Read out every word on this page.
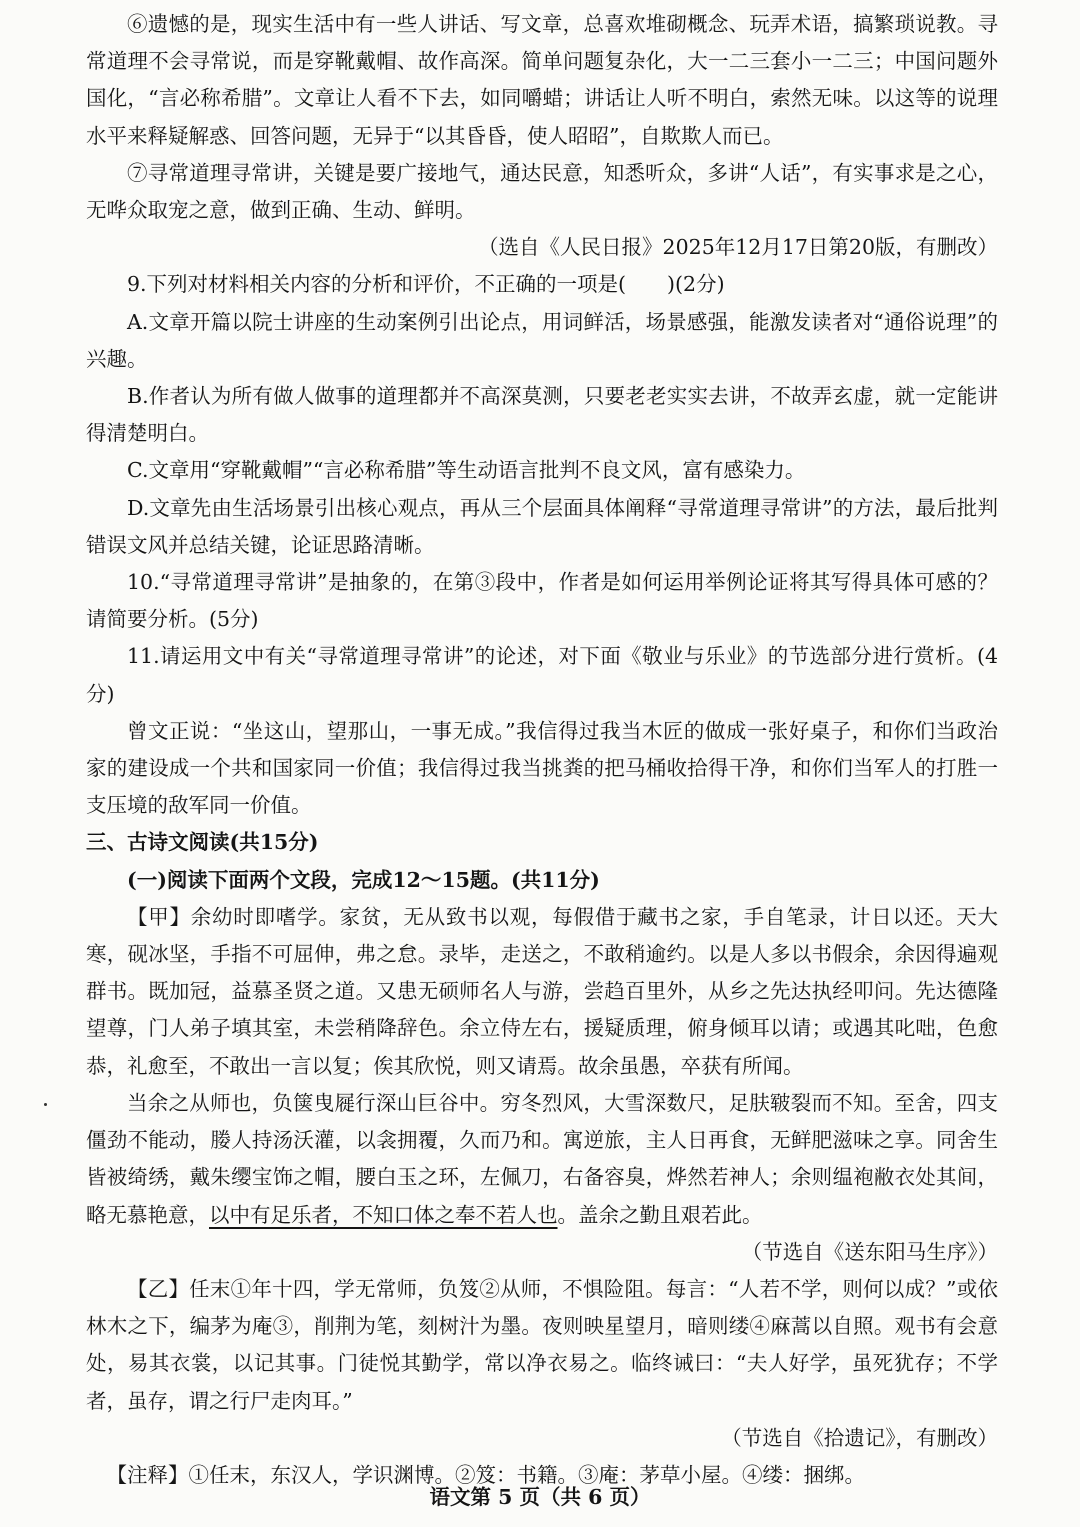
⑥遗憾的是，现实生活中有一些人讲话、写文章，总喜欢堆砌概念、玩弄术语，搞繁琐说教。寻常道理不会寻常说，而是穿靴戴帽、故作高深。简单问题复杂化，大一二三套小一二三；中国问题外国化，“言必称希腊”。文章让人看不下去，如同嚼蜡；讲话让人听不明白，索然无味。以这等的说理水平来释疑解惑、回答问题，无异于“以其昏昏，使人昭昭”，自欺欺人而已。

⑦寻常道理寻常讲，关键是要广接地气，通达民意，知悉听众，多讲“人话”，有实事求是之心，无哗众取宠之意，做到正确、生动、鲜明。

（选自《人民日报》2025年12月17日第20版，有删改）

9.下列对材料相关内容的分析和评价，不正确的一项是(　　)(2分)

A.文章开篇以院士讲座的生动案例引出论点，用词鲜活，场景感强，能激发读者对“通俗说理”的兴趣。

B.作者认为所有做人做事的道理都并不高深莫测，只要老老实实去讲，不故弄玄虚，就一定能讲得清楚明白。

C.文章用“穿靴戴帽”“言必称希腊”等生动语言批判不良文风，富有感染力。

D.文章先由生活场景引出核心观点，再从三个层面具体阐释“寻常道理寻常讲”的方法，最后批判错误文风并总结关键，论证思路清晰。

10.“寻常道理寻常讲”是抽象的，在第③段中，作者是如何运用举例论证将其写得具体可感的？请简要分析。(5分)

11.请运用文中有关“寻常道理寻常讲”的论述，对下面《敬业与乐业》的节选部分进行赏析。(4分)

曾文正说：“坐这山，望那山，一事无成。”我信得过我当木匠的做成一张好桌子，和你们当政治家的建设成一个共和国家同一价值；我信得过我当挑粪的把马桶收拾得干净，和你们当军人的打胜一支压境的敌军同一价值。

三、古诗文阅读(共15分)

(一)阅读下面两个文段，完成12～15题。(共11分)

【甲】余幼时即嗜学。家贫，无从致书以观，每假借于藏书之家，手自笔录，计日以还。天大寒，砚冰坚，手指不可屈伸，弗之怠。录毕，走送之，不敢稍逾约。以是人多以书假余，余因得遍观群书。既加冠，益慕圣贤之道。又患无硕师名人与游，尝趋百里外，从乡之先达执经叩问。先达德隆望尊，门人弟子填其室，未尝稍降辞色。余立侍左右，援疑质理，俯身倾耳以请；或遇其叱咄，色愈恭，礼愈至，不敢出一言以复；俟其欣悦，则又请焉。故余虽愚，卒获有所闻。

当余之从师也，负箧曳屣行深山巨谷中。穷冬烈风，大雪深数尺，足肤皲裂而不知。至舍，四支僵劲不能动，媵人持汤沃灌，以衾拥覆，久而乃和。寓逆旅，主人日再食，无鲜肥滋味之享。同舍生皆被绮绣，戴朱缨宝饰之帽，腰白玉之环，左佩刀，右备容臭，烨然若神人；余则缊袍敝衣处其间，略无慕艳意，以中有足乐者，不知口体之奉不若人也。盖余之勤且艰若此。

（节选自《送东阳马生序》）

【乙】任末①年十四，学无常师，负笈②从师，不惧险阻。每言：“人若不学，则何以成？”或依林木之下，编茅为庵③，削荆为笔，刻树汁为墨。夜则映星望月，暗则缕④麻蒿以自照。观书有会意处，易其衣裳，以记其事。门徒悦其勤学，常以净衣易之。临终诫曰：“夫人好学，虽死犹存；不学者，虽存，谓之行尸走肉耳。”

（节选自《拾遗记》，有删改）

【注释】①任末，东汉人，学识渊博。②笈：书籍。③庵：茅草小屋。④缕：捆绑。

语文第 5 页（共 6 页）
